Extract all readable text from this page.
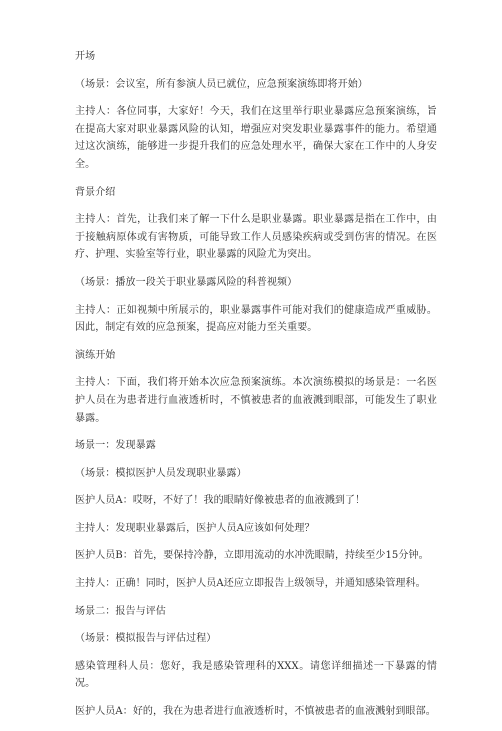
开场

（场景：会议室，所有参演人员已就位，应急预案演练即将开始）

主持人：各位同事，大家好！今天，我们在这里举行职业暴露应急预案演练，旨在提高大家对职业暴露风险的认知，增强应对突发职业暴露事件的能力。希望通过这次演练，能够进一步提升我们的应急处理水平，确保大家在工作中的人身安全。

背景介绍

主持人：首先，让我们来了解一下什么是职业暴露。职业暴露是指在工作中，由于接触病原体或有害物质，可能导致工作人员感染疾病或受到伤害的情况。在医疗、护理、实验室等行业，职业暴露的风险尤为突出。

（场景：播放一段关于职业暴露风险的科普视频）

主持人：正如视频中所展示的，职业暴露事件可能对我们的健康造成严重威胁。因此，制定有效的应急预案，提高应对能力至关重要。

演练开始

主持人：下面，我们将开始本次应急预案演练。本次演练模拟的场景是：一名医护人员在为患者进行血液透析时，不慎被患者的血液溅到眼部，可能发生了职业暴露。

场景一：发现暴露

（场景：模拟医护人员发现职业暴露）

医护人员A：哎呀，不好了！我的眼睛好像被患者的血液溅到了！

主持人：发现职业暴露后，医护人员A应该如何处理？

医护人员B：首先，要保持冷静，立即用流动的水冲洗眼睛，持续至少15分钟。

主持人：正确！同时，医护人员A还应立即报告上级领导，并通知感染管理科。

场景二：报告与评估

（场景：模拟报告与评估过程）

感染管理科人员：您好，我是感染管理科的XXX。请您详细描述一下暴露的情况。

医护人员A：好的，我在为患者进行血液透析时，不慎被患者的血液溅射到眼部。
